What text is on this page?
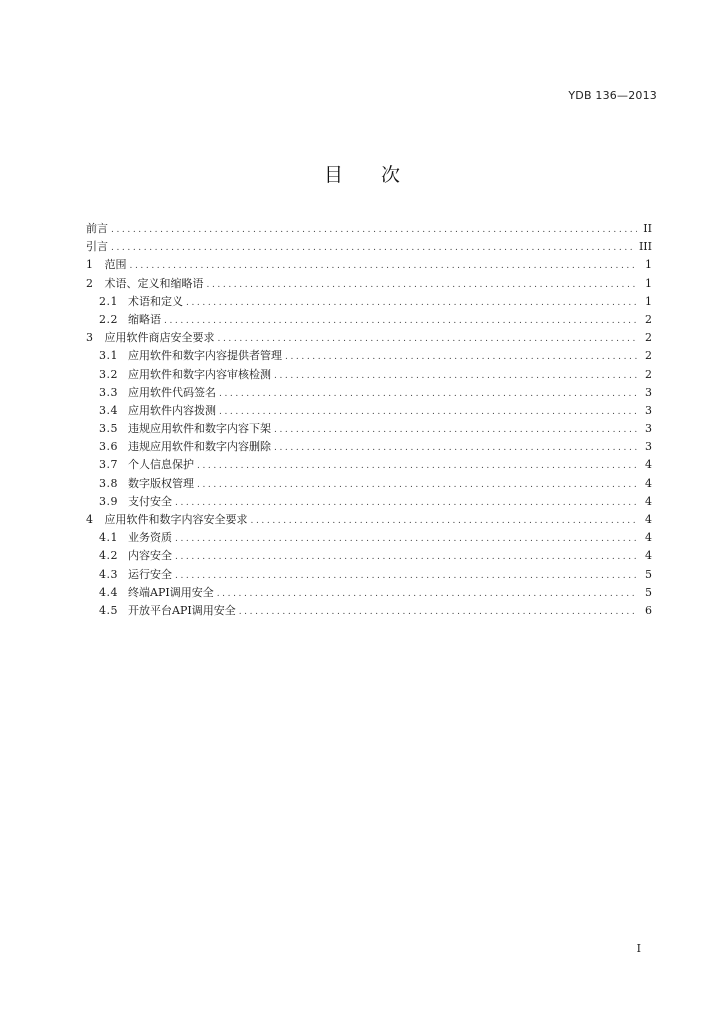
YDB 136—2013
目 次
前言 .....	II
引言 .....	III
1 范围 .....	1
2 术语、定义和缩略语 .....	1
2.1 术语和定义 .....	1
2.2 缩略语 .....	2
3 应用软件商店安全要求 .....	2
3.1 应用软件和数字内容提供者管理 .....	2
3.2 应用软件和数字内容审核检测 .....	2
3.3 应用软件代码签名 .....	3
3.4 应用软件内容拨测 .....	3
3.5 违规应用软件和数字内容下架 .....	3
3.6 违规应用软件和数字内容删除 .....	3
3.7 个人信息保护 .....	4
3.8 数字版权管理 .....	4
3.9 支付安全 .....	4
4 应用软件和数字内容安全要求 .....	4
4.1 业务资质 .....	4
4.2 内容安全 .....	4
4.3 运行安全 .....	5
4.4 终端API调用安全 .....	5
4.5 开放平台API调用安全 .....	6
I
